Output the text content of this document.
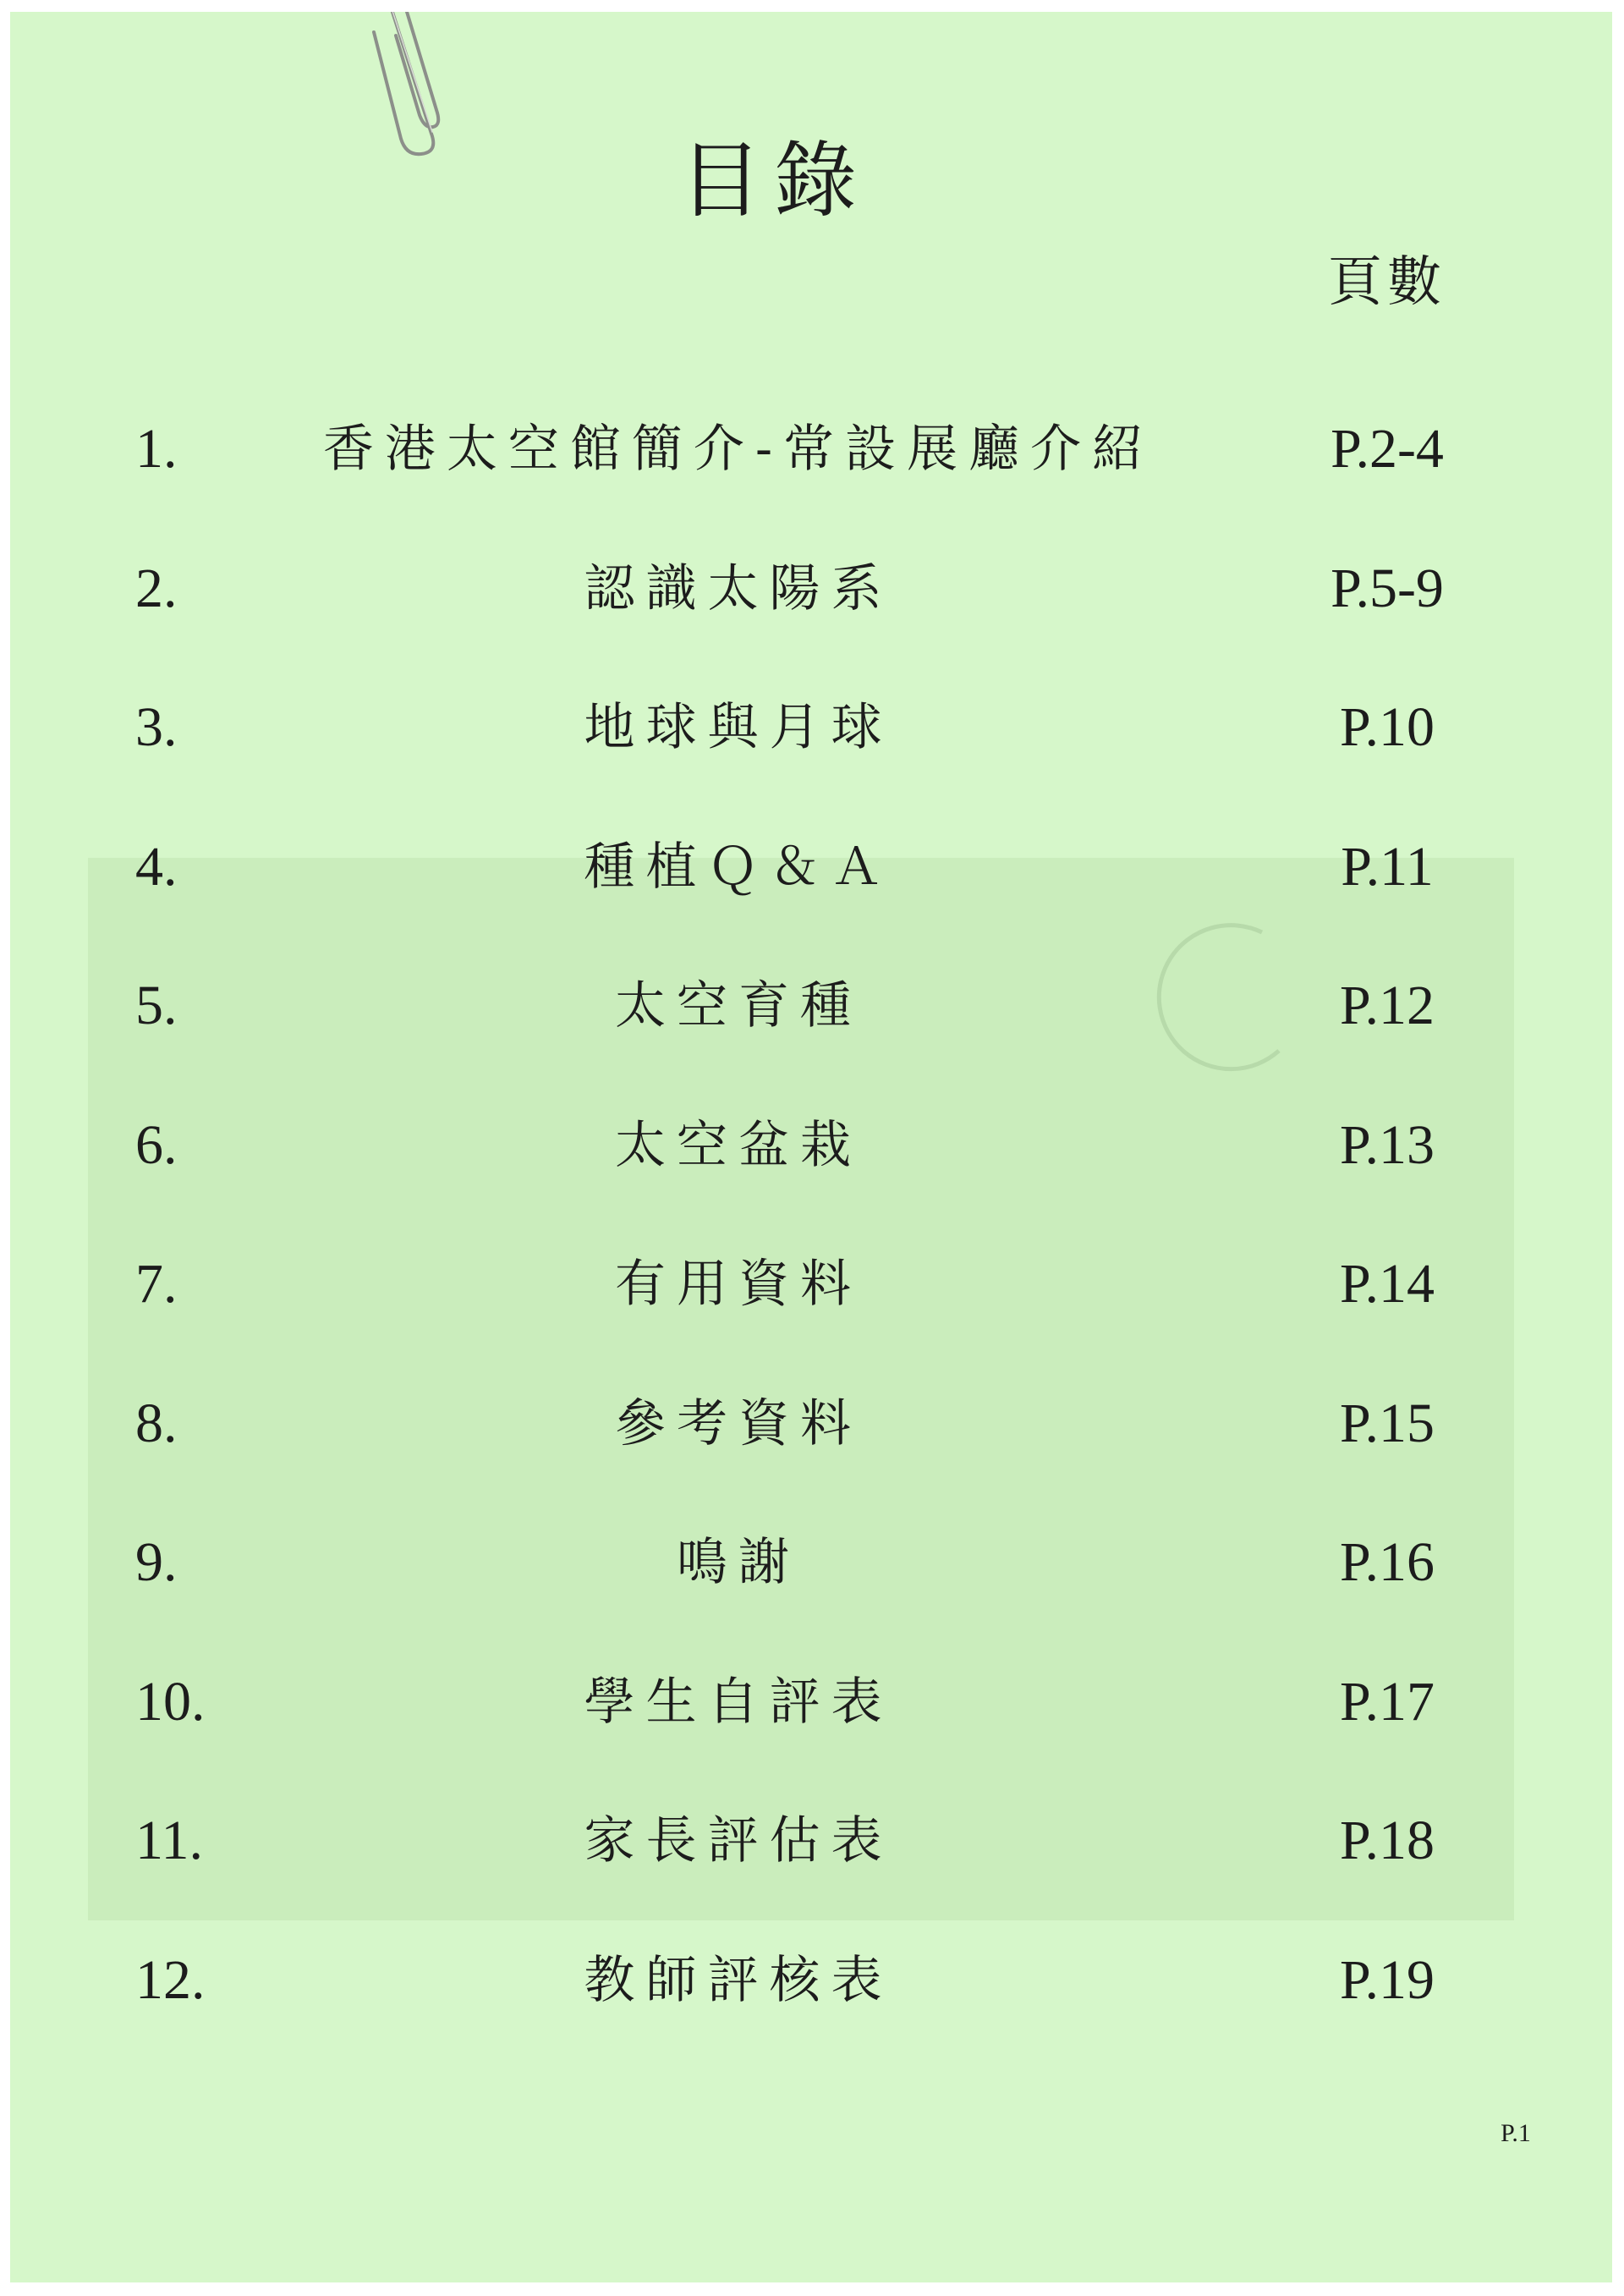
目錄
頁數
1.	香港太空館簡介-常設展廳介紹	P.2-4
2.	認識太陽系	P.5-9
3.	地球與月球	P.10
4.	種植Ｑ＆Ａ	P.11
5.	太空育種	P.12
6.	太空盆栽	P.13
7.	有用資料	P.14
8.	參考資料	P.15
9.	鳴謝	P.16
10.	學生自評表	P.17
11.	家長評估表	P.18
12.	教師評核表	P.19
P.1
